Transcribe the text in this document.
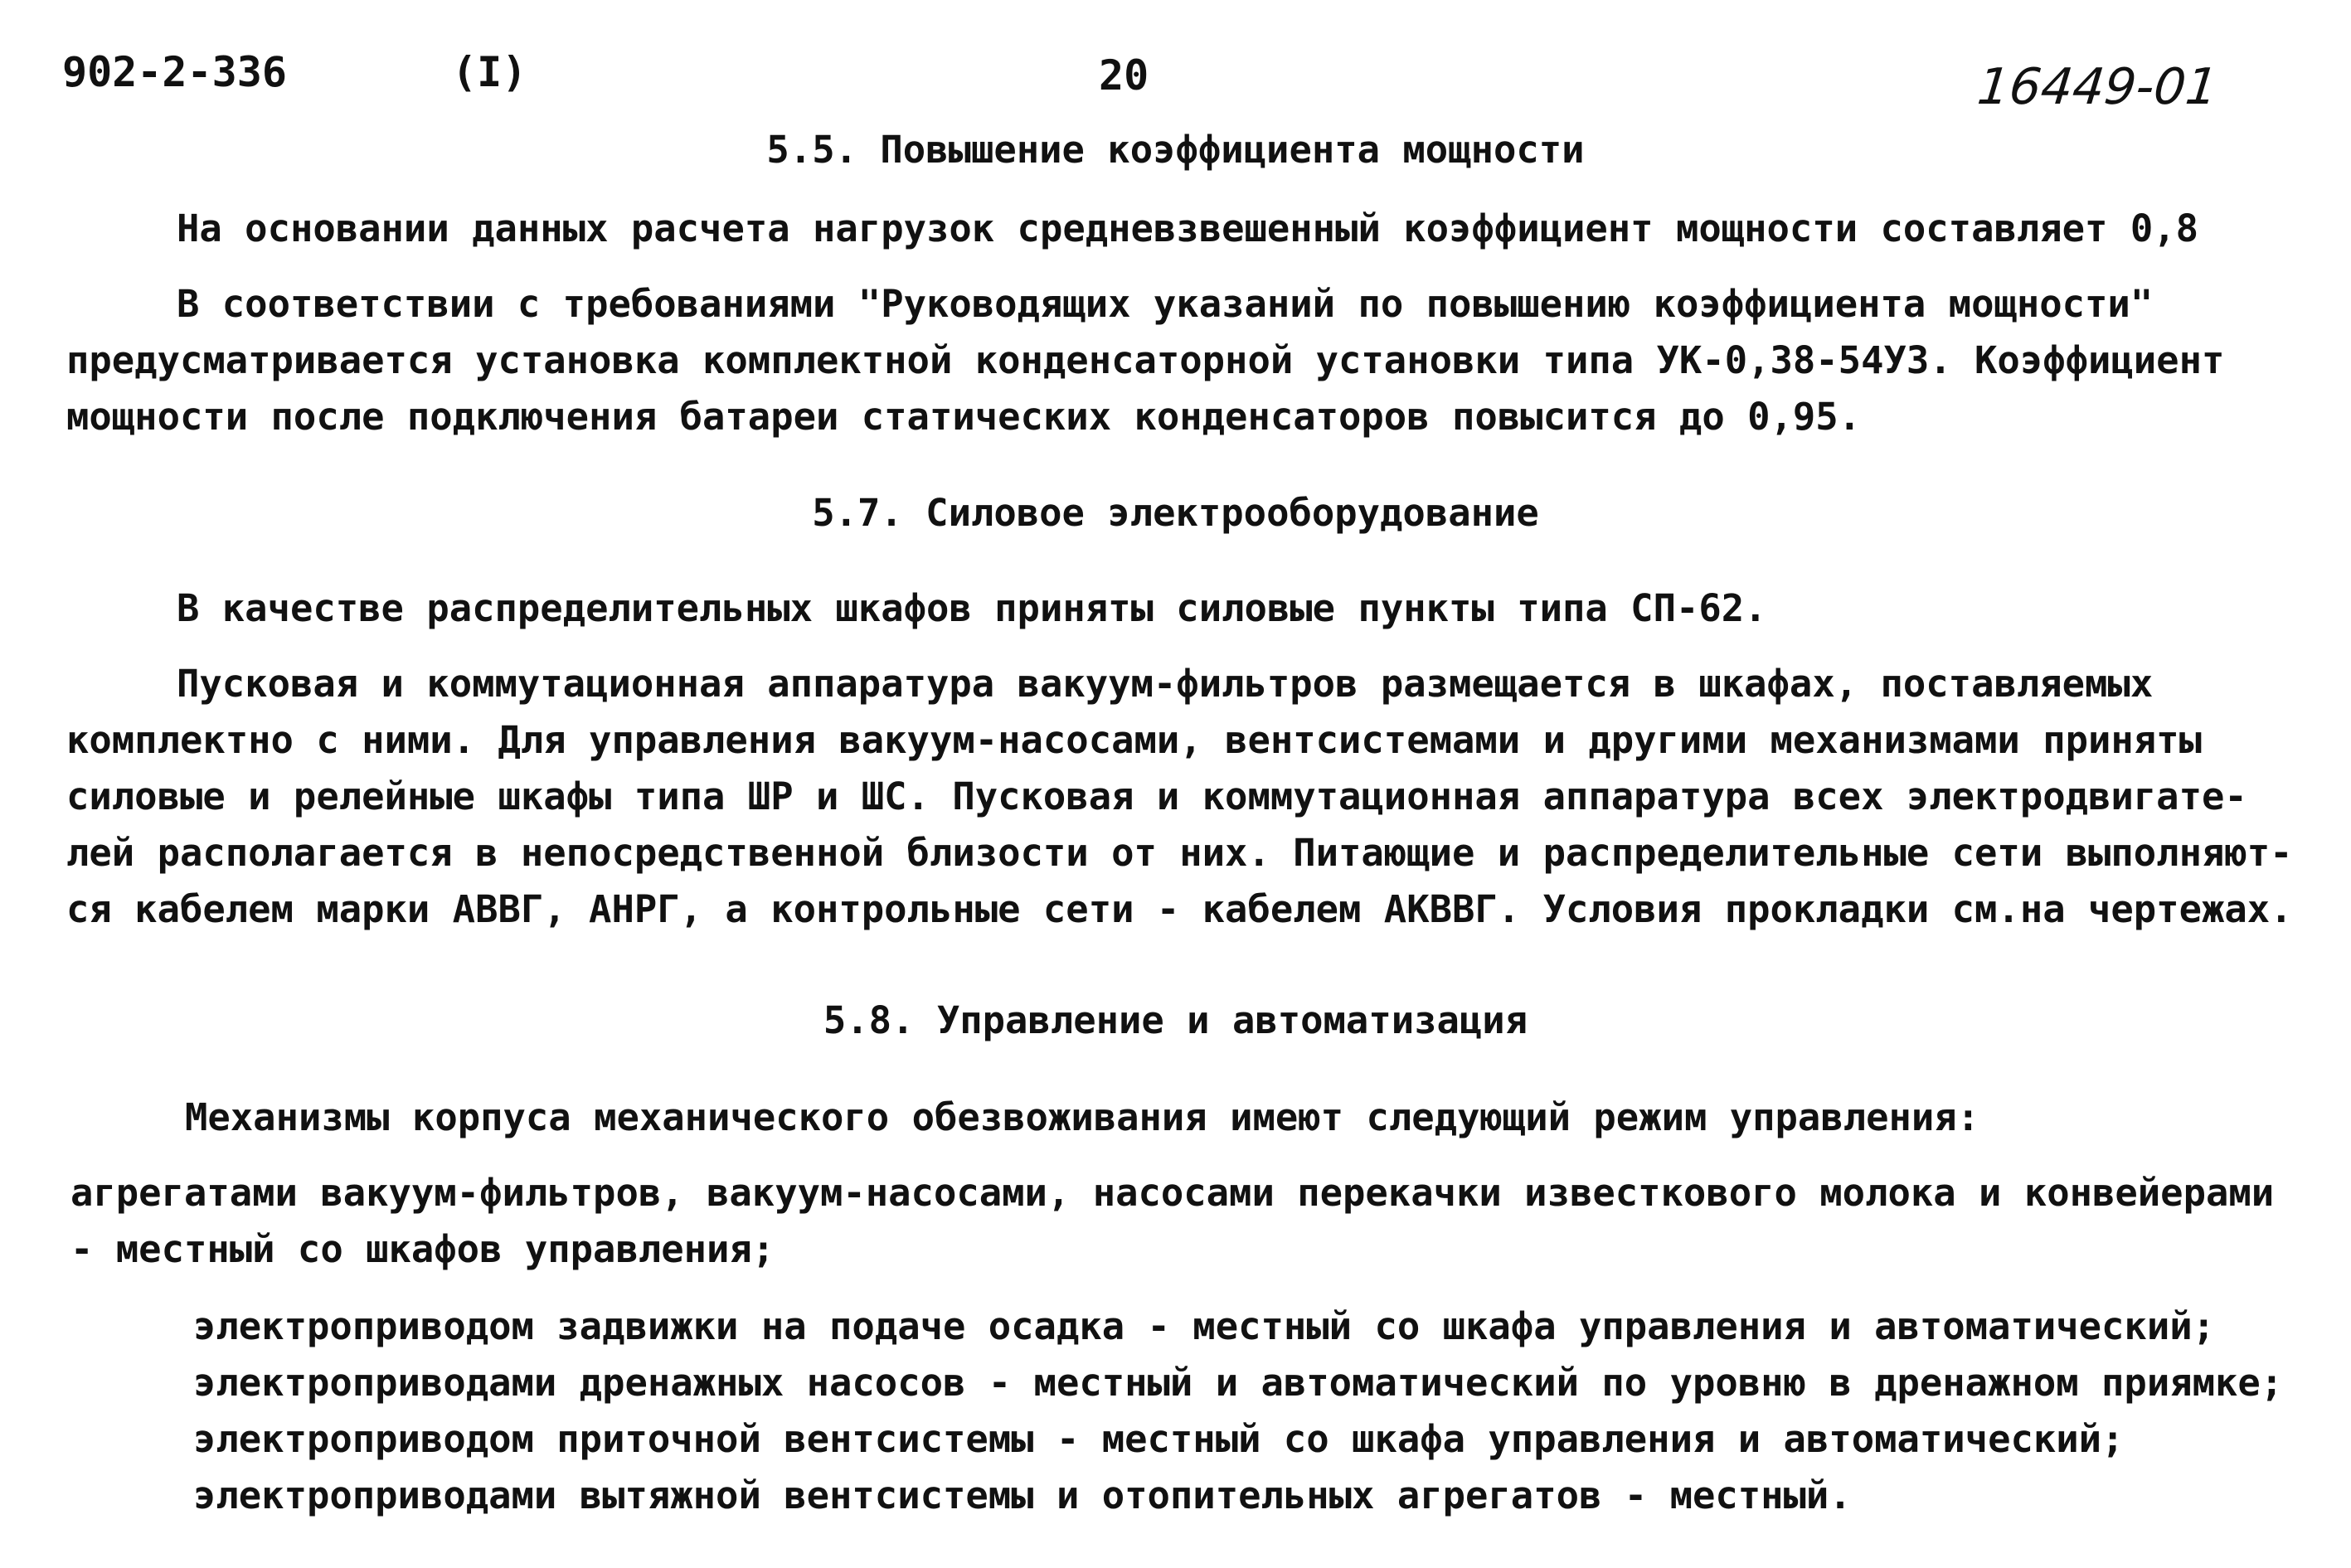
902-2-336	(I)	20	16449-01
5.5. Повышение коэффициента мощности
На основании данных расчета нагрузок средневзвешенный коэффициент мощности составляет 0,8
В соответствии с требованиями "Руководящих указаний по повышению коэффициента мощности"
предусматривается установка комплектной конденсаторной установки типа УК-0,38-54УЗ. Коэффициент
мощности после подключения батареи статических конденсаторов повысится до 0,95.
5.7. Силовое электрооборудование
В качестве распределительных шкафов приняты силовые пункты типа СП-62.
Пусковая и коммутационная аппаратура вакуум-фильтров размещается в шкафах, поставляемых
комплектно с ними. Для управления вакуум-насосами, вентсистемами и другими механизмами приняты
силовые и релейные шкафы типа ШР и ШС. Пусковая и коммутационная аппаратура всех электродвигате-
лей располагается в непосредственной близости от них. Питающие и распределительные сети выполняют-
ся кабелем марки АВВГ, АНРГ, а контрольные сети - кабелем АКВВГ. Условия прокладки см.на чертежах.
5.8. Управление и автоматизация
Механизмы корпуса механического обезвоживания имеют следующий режим управления:
агрегатами вакуум-фильтров, вакуум-насосами, насосами перекачки известкового молока и конвейерами
- местный со шкафов управления;
электроприводом задвижки на подаче осадка - местный со шкафа управления и автоматический;
электроприводами дренажных насосов - местный и автоматический по уровню в дренажном приямке;
электроприводом приточной вентсистемы - местный со шкафа управления и автоматический;
электроприводами вытяжной вентсистемы и отопительных агрегатов - местный.
